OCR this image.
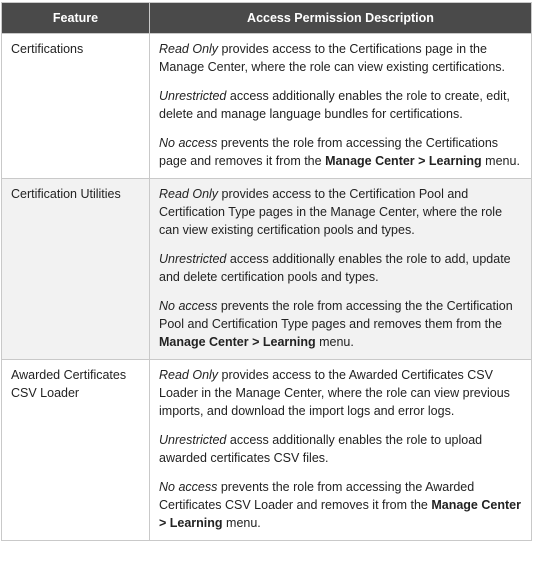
Feature	Access Permission Description
Certifications	Read Only provides access to the Certifications page in the Manage Center, where the role can view existing certifications.

Unrestricted access additionally enables the role to create, edit, delete and manage language bundles for certifications.

No access prevents the role from accessing the Certifications page and removes it from the Manage Center > Learning menu.

Certification Utilities	Read Only provides access to the Certification Pool and Certification Type pages in the Manage Center, where the role can view existing certification pools and types.

Unrestricted access additionally enables the role to add, update and delete certification pools and types.

No access prevents the role from accessing the the Certification Pool and Certification Type pages and removes them from the Manage Center > Learning menu.

Awarded Certificates CSV Loader	Read Only provides access to the Awarded Certificates CSV Loader in the Manage Center, where the role can view previous imports, and download the import logs and error logs.

Unrestricted access additionally enables the role to upload awarded certificates CSV files.

No access prevents the role from accessing the Awarded Certificates CSV Loader and removes it from the Manage Center > Learning menu.
